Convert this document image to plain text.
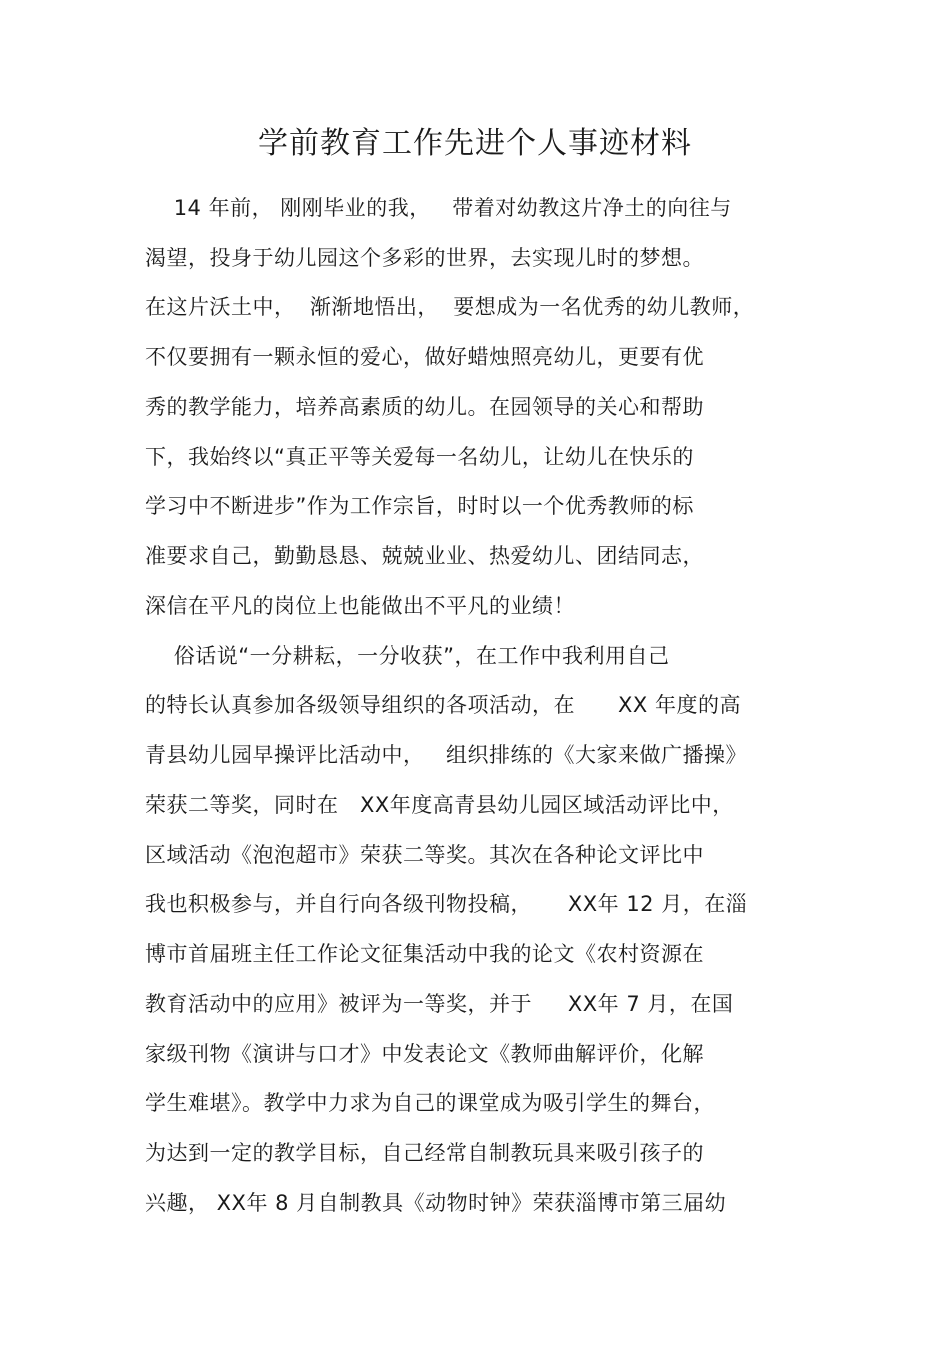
学前教育工作先进个人事迹材料
14 年前， 刚刚毕业的我，   带着对幼教这片净土的向往与
渴望，投身于幼儿园这个多彩的世界，去实现儿时的梦想。
在这片沃土中，  渐渐地悟出，  要想成为一名优秀的幼儿教师，
不仅要拥有一颗永恒的爱心，做好蜡烛照亮幼儿，更要有优
秀的教学能力，培养高素质的幼儿。在园领导的关心和帮助
下，我始终以“真正平等关爱每一名幼儿，让幼儿在快乐的
学习中不断进步”作为工作宗旨，时时以一个优秀教师的标
准要求自己，勤勤恳恳、兢兢业业、热爱幼儿、团结同志，
深信在平凡的岗位上也能做出不平凡的业绩！
俗话说“一分耕耘，一分收获”，在工作中我利用自己
的特长认真参加各级领导组织的各项活动，在      XX 年度的高
青县幼儿园早操评比活动中，   组织排练的《大家来做广播操》
荣获二等奖，同时在   XX年度高青县幼儿园区域活动评比中，
区域活动《泡泡超市》荣获二等奖。其次在各种论文评比中
我也积极参与，并自行向各级刊物投稿，     XX年 12 月，在淄
博市首届班主任工作论文征集活动中我的论文《农村资源在
教育活动中的应用》被评为一等奖，并于     XX年 7 月，在国
家级刊物《演讲与口才》中发表论文《教师曲解评价，化解
学生难堪》。教学中力求为自己的课堂成为吸引学生的舞台，
为达到一定的教学目标，自己经常自制教玩具来吸引孩子的
兴趣， XX年 8 月自制教具《动物时钟》荣获淄博市第三届幼
